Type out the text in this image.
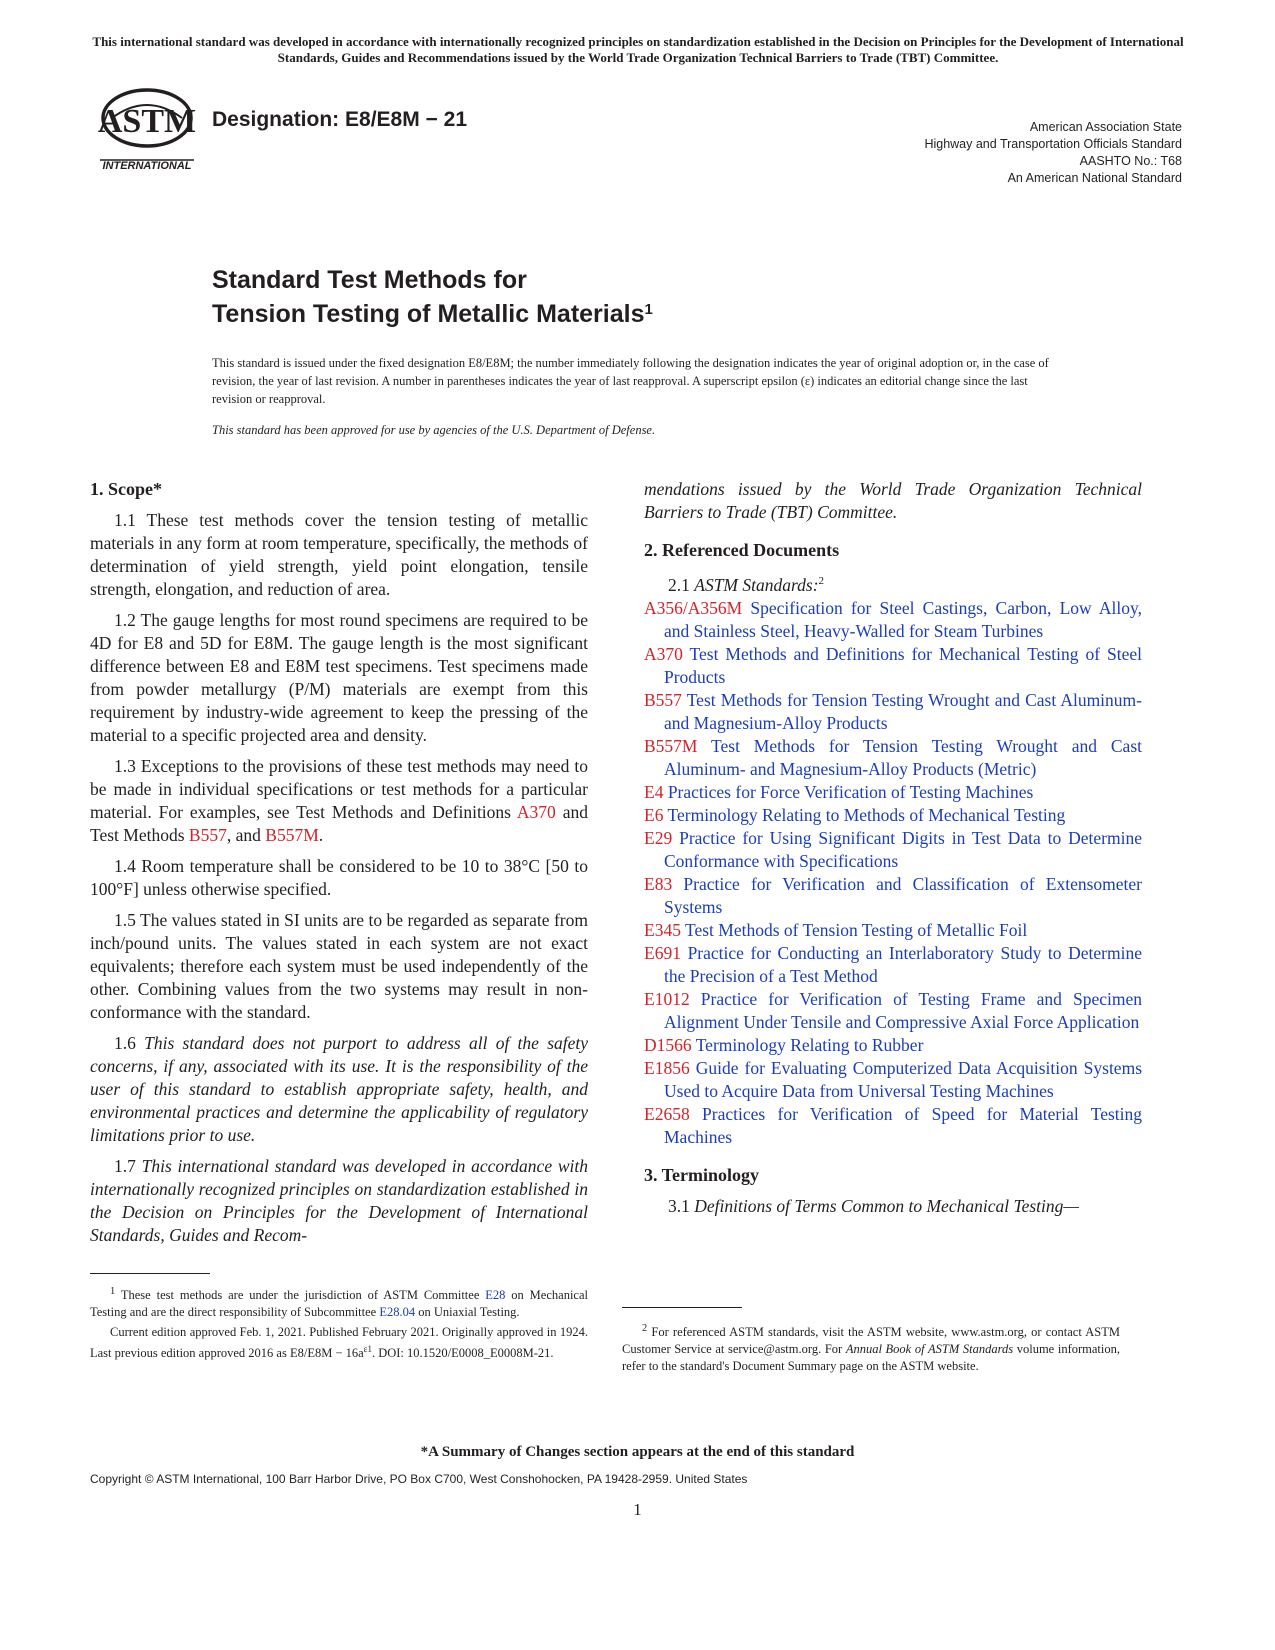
This international standard was developed in accordance with internationally recognized principles on standardization established in the Decision on Principles for the Development of International Standards, Guides and Recommendations issued by the World Trade Organization Technical Barriers to Trade (TBT) Committee.
ASTM
INTERNATIONAL
Designation: E8/E8M − 21	American Association State
Highway and Transportation Officials Standard
AASHTO No.: T68
An American National Standard
Standard Test Methods for
Tension Testing of Metallic Materials$^1$
This standard is issued under the fixed designation E8/E8M; the number immediately following the designation indicates the year of original adoption or, in the case of revision, the year of last revision. A number in parentheses indicates the year of last reapproval. A superscript epsilon (ε) indicates an editorial change since the last revision or reapproval.
This standard has been approved for use by agencies of the U.S. Department of Defense.
1. Scope*

1.1 These test methods cover the tension testing of metallic materials in any form at room temperature, specifically, the methods of determination of yield strength, yield point elongation, tensile strength, elongation, and reduction of area.

1.2 The gauge lengths for most round specimens are required to be 4D for E8 and 5D for E8M. The gauge length is the most significant difference between E8 and E8M test specimens. Test specimens made from powder metallurgy (P/M) materials are exempt from this requirement by industry-wide agreement to keep the pressing of the material to a specific projected area and density.

1.3 Exceptions to the provisions of these test methods may need to be made in individual specifications or test methods for a particular material. For examples, see Test Methods and Definitions A370 and Test Methods B557, and B557M.

1.4 Room temperature shall be considered to be 10 to 38°C [50 to 100°F] unless otherwise specified.

1.5 The values stated in SI units are to be regarded as separate from inch/pound units. The values stated in each system are not exact equivalents; therefore each system must be used independently of the other. Combining values from the two systems may result in non-conformance with the standard.

1.6 This standard does not purport to address all of the safety concerns, if any, associated with its use. It is the responsibility of the user of this standard to establish appropriate safety, health, and environmental practices and determine the applicability of regulatory limitations prior to use.

1.7 This international standard was developed in accordance with internationally recognized principles on standardization established in the Decision on Principles for the Development of International Standards, Guides and Recom-

mendations issued by the World Trade Organization Technical Barriers to Trade (TBT) Committee.

2. Referenced Documents

2.1 ASTM Standards:$^2$

A356/A356M Specification for Steel Castings, Carbon, Low Alloy, and Stainless Steel, Heavy-Walled for Steam Turbines
A370 Test Methods and Definitions for Mechanical Testing of Steel Products
B557 Test Methods for Tension Testing Wrought and Cast Aluminum- and Magnesium-Alloy Products
B557M Test Methods for Tension Testing Wrought and Cast Aluminum- and Magnesium-Alloy Products (Metric)
E4 Practices for Force Verification of Testing Machines
E6 Terminology Relating to Methods of Mechanical Testing
E29 Practice for Using Significant Digits in Test Data to Determine Conformance with Specifications
E83 Practice for Verification and Classification of Extensometer Systems
E345 Test Methods of Tension Testing of Metallic Foil
E691 Practice for Conducting an Interlaboratory Study to Determine the Precision of a Test Method
E1012 Practice for Verification of Testing Frame and Specimen Alignment Under Tensile and Compressive Axial Force Application
D1566 Terminology Relating to Rubber
E1856 Guide for Evaluating Computerized Data Acquisition Systems Used to Acquire Data from Universal Testing Machines
E2658 Practices for Verification of Speed for Material Testing Machines
3. Terminology

3.1 Definitions of Terms Common to Mechanical Testing—

$^1$ These test methods are under the jurisdiction of ASTM Committee E28 on Mechanical Testing and are the direct responsibility of Subcommittee E28.04 on Uniaxial Testing.

Current edition approved Feb. 1, 2021. Published February 2021. Originally approved in 1924. Last previous edition approved 2016 as $E8/E8M - 16a^{\varepsilon 1}$. DOI: 10.1520/E0008_E0008M-21.

$^2$ For referenced ASTM standards, visit the ASTM website, www.astm.org, or contact ASTM Customer Service at service@astm.org. For Annual Book of ASTM Standards volume information, refer to the standard's Document Summary page on the ASTM website.

*A Summary of Changes section appears at the end of this standard
Copyright © ASTM International, 100 Barr Harbor Drive, PO Box C700, West Conshohocken, PA 19428-2959. United States
1
